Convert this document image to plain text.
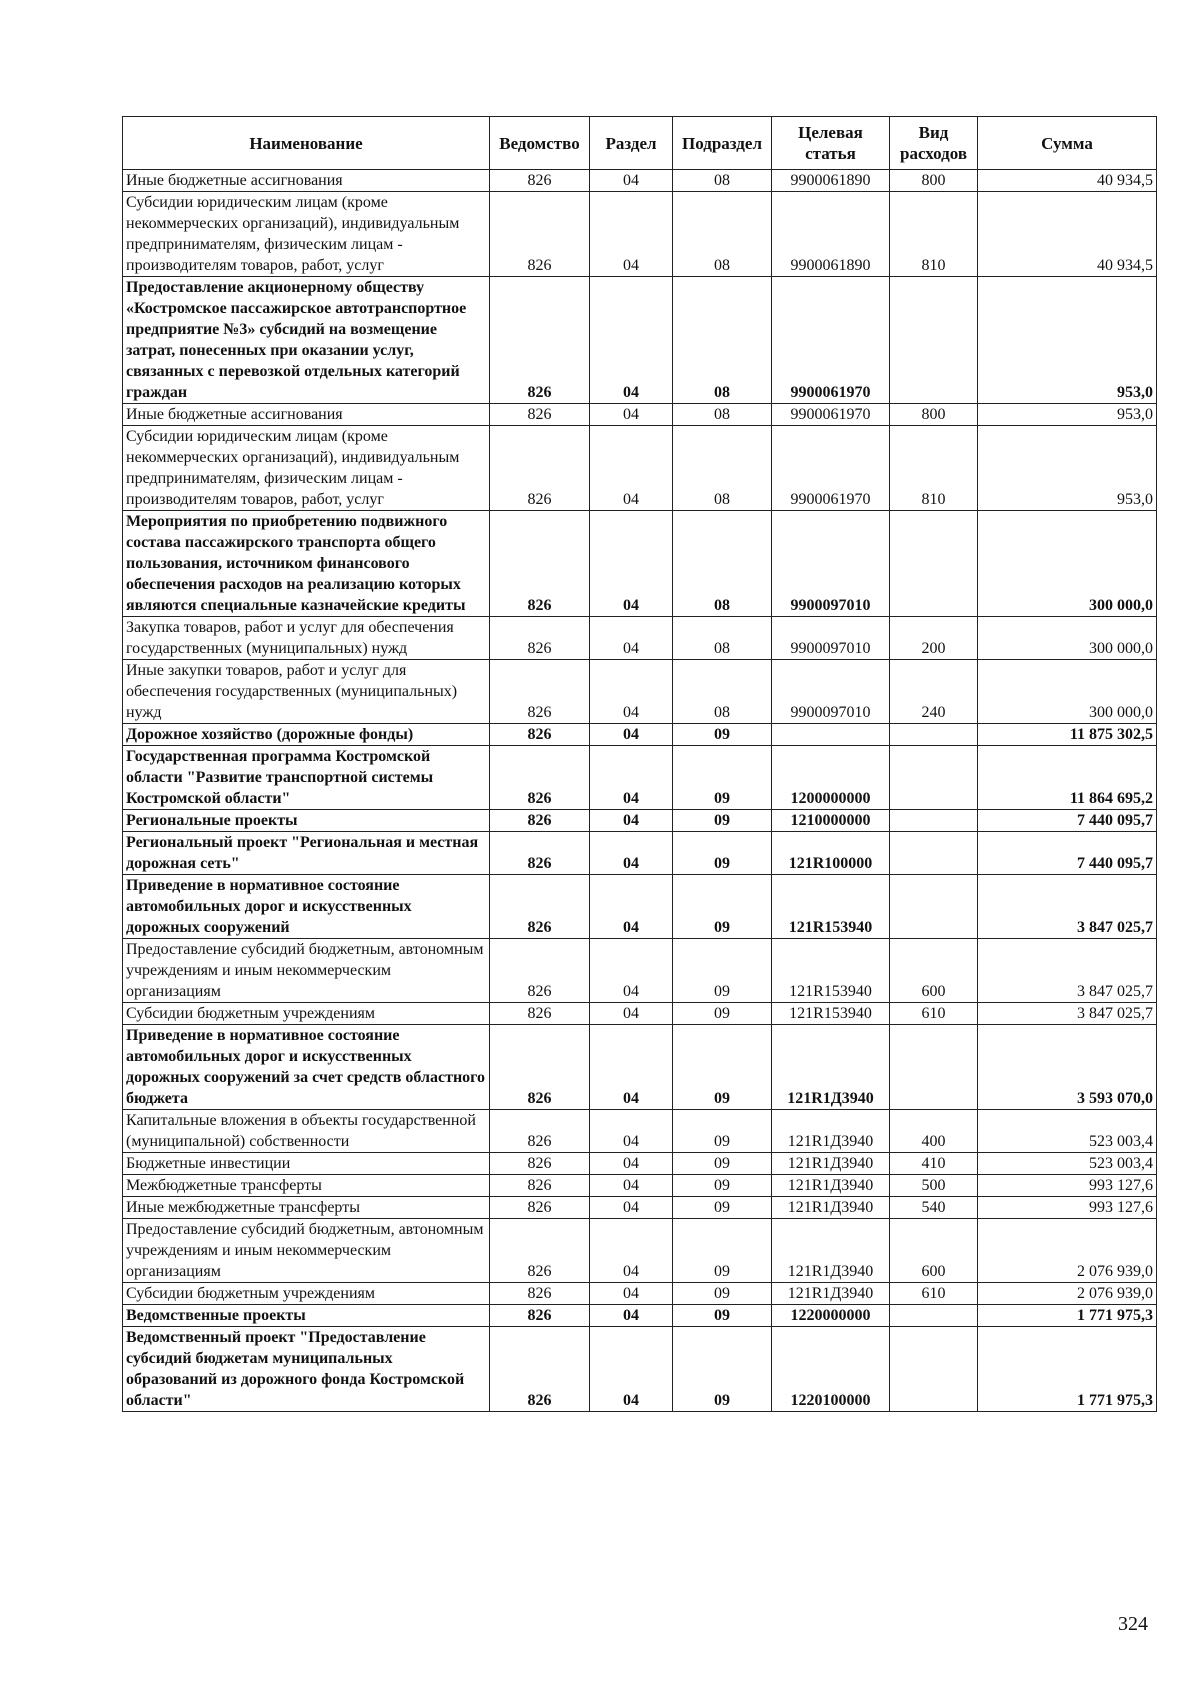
Наименование	Ведомство	Раздел	Подраздел	Целевая статья	Вид расходов	Сумма
Иные бюджетные ассигнования	826	04	08	9900061890	800	40 934,5
Субсидии юридическим лицам (кроме некоммерческих организаций), индивидуальным предпринимателям, физическим лицам - производителям товаров, работ, услуг	826	04	08	9900061890	810	40 934,5
Предоставление акционерному обществу «Костромское пассажирское автотранспортное предприятие №3» субсидий на возмещение затрат, понесенных при оказании услуг, связанных с перевозкой отдельных категорий граждан	826	04	08	9900061970		953,0
Иные бюджетные ассигнования	826	04	08	9900061970	800	953,0
Субсидии юридическим лицам (кроме некоммерческих организаций), индивидуальным предпринимателям, физическим лицам - производителям товаров, работ, услуг	826	04	08	9900061970	810	953,0
Мероприятия по приобретению подвижного состава пассажирского транспорта общего пользования, источником финансового обеспечения расходов на реализацию которых являются специальные казначейские кредиты	826	04	08	9900097010		300 000,0
Закупка товаров, работ и услуг для обеспечения государственных (муниципальных) нужд	826	04	08	9900097010	200	300 000,0
Иные закупки товаров, работ и услуг для обеспечения государственных (муниципальных) нужд	826	04	08	9900097010	240	300 000,0
Дорожное хозяйство (дорожные фонды)	826	04	09			11 875 302,5
Государственная программа Костромской области "Развитие транспортной системы Костромской области"	826	04	09	1200000000		11 864 695,2
Региональные проекты	826	04	09	1210000000		7 440 095,7
Региональный проект "Региональная и местная дорожная сеть"	826	04	09	121R100000		7 440 095,7
Приведение в нормативное состояние автомобильных дорог и искусственных дорожных сооружений	826	04	09	121R153940		3 847 025,7
Предоставление субсидий бюджетным, автономным учреждениям и иным некоммерческим организациям	826	04	09	121R153940	600	3 847 025,7
Субсидии бюджетным учреждениям	826	04	09	121R153940	610	3 847 025,7
Приведение в нормативное состояние автомобильных дорог и искусственных дорожных сооружений за счет средств областного бюджета	826	04	09	121R1Д3940		3 593 070,0
Капитальные вложения в объекты государственной (муниципальной) собственности	826	04	09	121R1Д3940	400	523 003,4
Бюджетные инвестиции	826	04	09	121R1Д3940	410	523 003,4
Межбюджетные трансферты	826	04	09	121R1Д3940	500	993 127,6
Иные межбюджетные трансферты	826	04	09	121R1Д3940	540	993 127,6
Предоставление субсидий бюджетным, автономным учреждениям и иным некоммерческим организациям	826	04	09	121R1Д3940	600	2 076 939,0
Субсидии бюджетным учреждениям	826	04	09	121R1Д3940	610	2 076 939,0
Ведомственные проекты	826	04	09	1220000000		1 771 975,3
Ведомственный проект "Предоставление субсидий бюджетам муниципальных образований из дорожного фонда Костромской области"	826	04	09	1220100000		1 771 975,3
324
